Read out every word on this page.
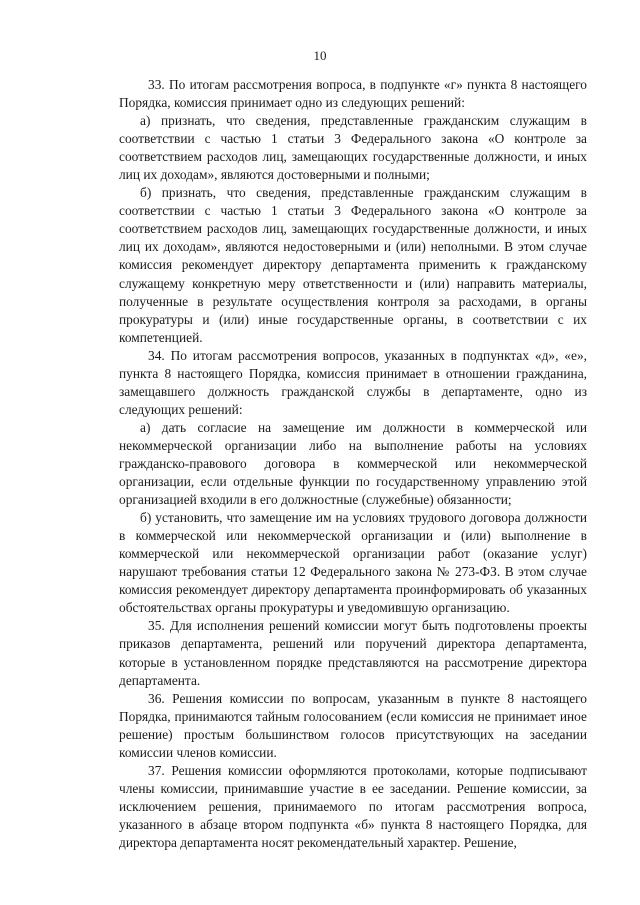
10

33. По итогам рассмотрения вопроса, в подпункте «г» пункта 8 настоящего Порядка, комиссия принимает одно из следующих решений:

а) признать, что сведения, представленные гражданским служащим в соответствии с частью 1 статьи 3 Федерального закона «О контроле за соответствием расходов лиц, замещающих государственные должности, и иных лиц их доходам», являются достоверными и полными;

б) признать, что сведения, представленные гражданским служащим в соответствии с частью 1 статьи 3 Федерального закона «О контроле за соответствием расходов лиц, замещающих государственные должности, и иных лиц их доходам», являются недостоверными и (или) неполными. В этом случае комиссия рекомендует директору департамента применить к гражданскому служащему конкретную меру ответственности и (или) направить материалы, полученные в результате осуществления контроля за расходами, в органы прокуратуры и (или) иные государственные органы, в соответствии с их компетенцией.

34. По итогам рассмотрения вопросов, указанных в подпунктах «д», «е», пункта 8 настоящего Порядка, комиссия принимает в отношении гражданина, замещавшего должность гражданской службы в департаменте, одно из следующих решений:

а) дать согласие на замещение им должности в коммерческой или некоммерческой организации либо на выполнение работы на условиях гражданско-правового договора в коммерческой или некоммерческой организации, если отдельные функции по государственному управлению этой организацией входили в его должностные (служебные) обязанности;

б) установить, что замещение им на условиях трудового договора должности в коммерческой или некоммерческой организации и (или) выполнение в коммерческой или некоммерческой организации работ (оказание услуг) нарушают требования статьи 12 Федерального закона № 273-ФЗ. В этом случае комиссия рекомендует директору департамента проинформировать об указанных обстоятельствах органы прокуратуры и уведомившую организацию.

35. Для исполнения решений комиссии могут быть подготовлены проекты приказов департамента, решений или поручений директора департамента, которые в установленном порядке представляются на рассмотрение директора департамента.

36. Решения комиссии по вопросам, указанным в пункте 8 настоящего Порядка, принимаются тайным голосованием (если комиссия не принимает иное решение) простым большинством голосов присутствующих на заседании комиссии членов комиссии.

37. Решения комиссии оформляются протоколами, которые подписывают члены комиссии, принимавшие участие в ее заседании. Решение комиссии, за исключением решения, принимаемого по итогам рассмотрения вопроса, указанного в абзаце втором подпункта «б» пункта 8 настоящего Порядка, для директора департамента носят рекомендательный характер. Решение,
